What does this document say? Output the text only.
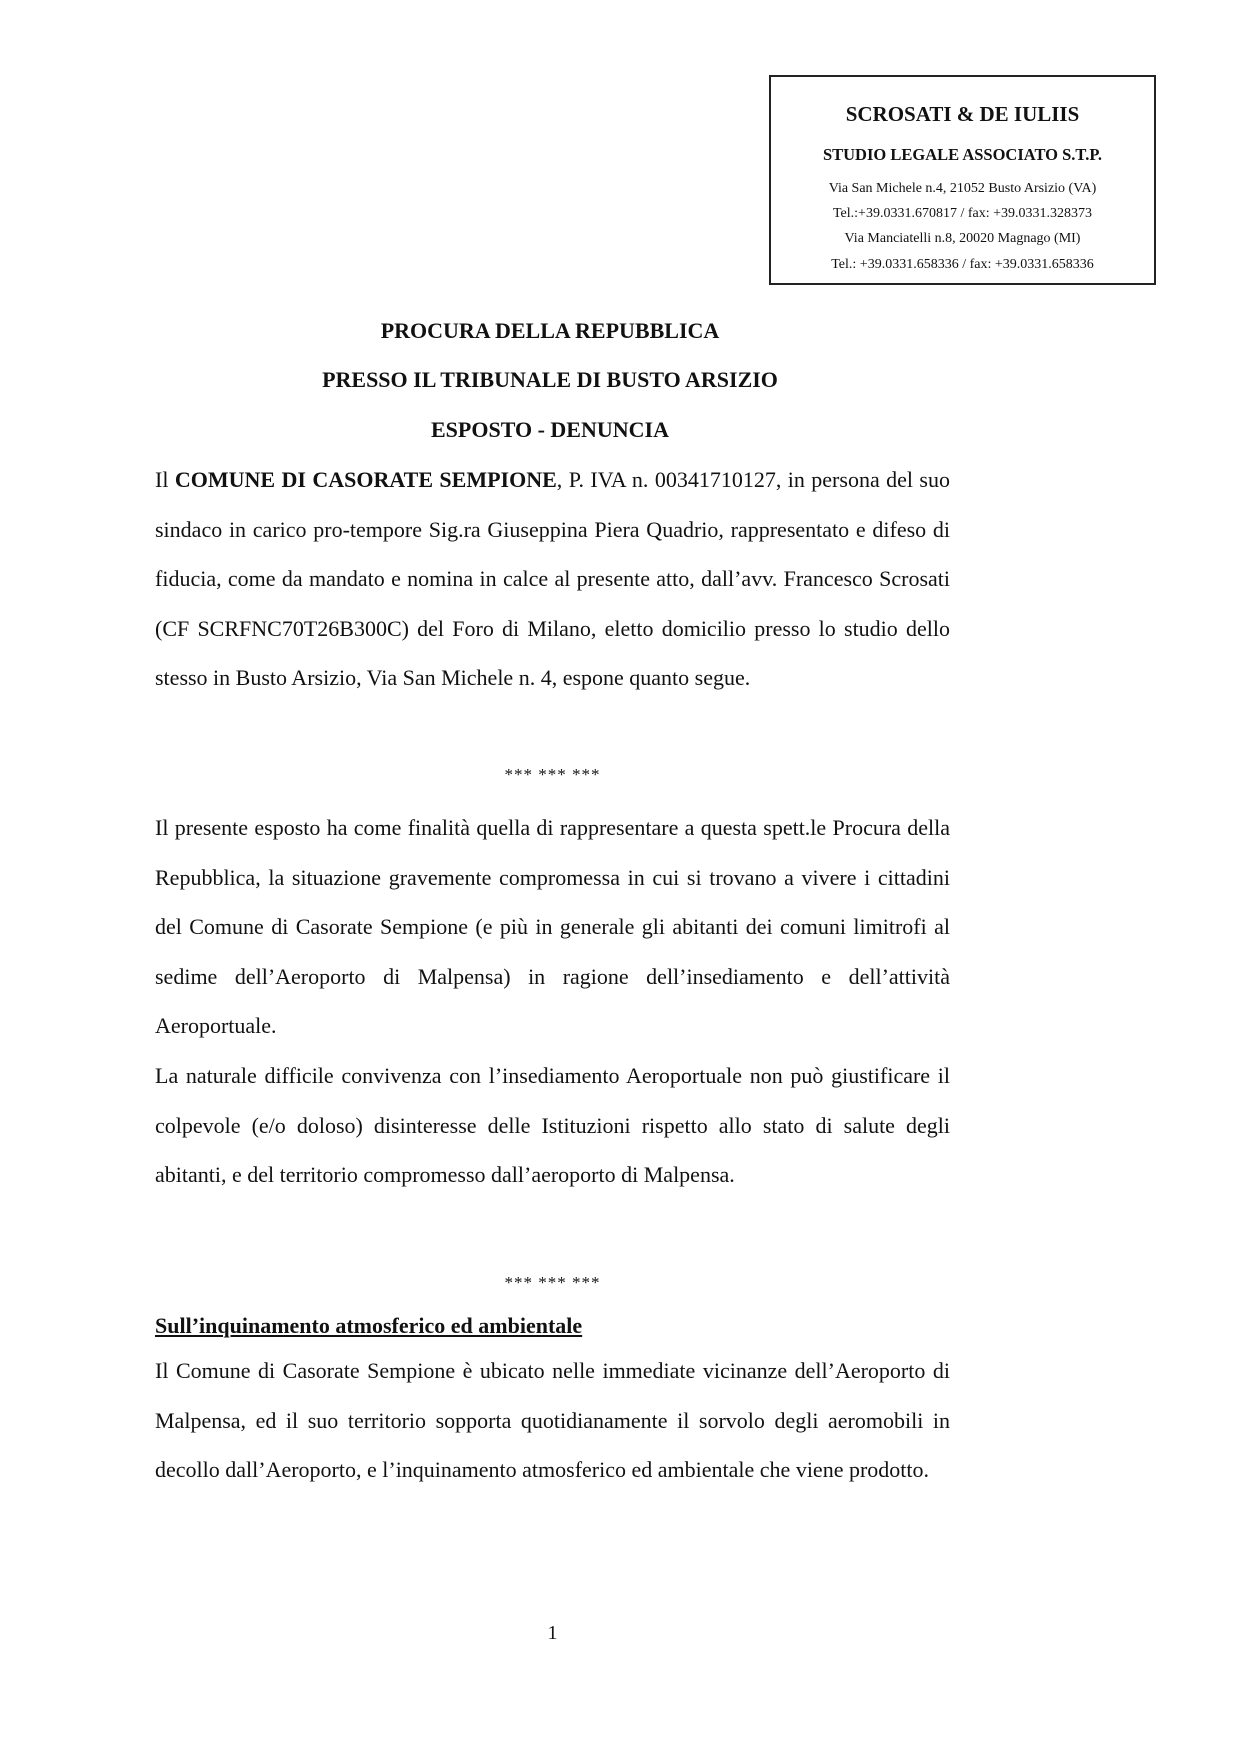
SCROSATI & DE IULIIS
STUDIO LEGALE ASSOCIATO S.T.P.
Via San Michele n.4, 21052 Busto Arsizio (VA)
Tel.:+39.0331.670817 / fax: +39.0331.328373
Via Manciatelli n.8, 20020 Magnago (MI)
Tel.: +39.0331.658336 / fax: +39.0331.658336
PROCURA DELLA REPUBBLICA
PRESSO IL TRIBUNALE DI BUSTO ARSIZIO
ESPOSTO - DENUNCIA

Il COMUNE DI CASORATE SEMPIONE, P. IVA n. 00341710127, in persona del suo sindaco in carico pro-tempore Sig.ra Giuseppina Piera Quadrio, rappresentato e difeso di fiducia, come da mandato e nomina in calce al presente atto, dall’avv. Francesco Scrosati (CF SCRFNC70T26B300C) del Foro di Milano, eletto domicilio presso lo studio dello stesso in Busto Arsizio, Via San Michele n. 4, espone quanto segue.

*** *** ***

Il presente esposto ha come finalità quella di rappresentare a questa spett.le Procura della Repubblica, la situazione gravemente compromessa in cui si trovano a vivere i cittadini del Comune di Casorate Sempione (e più in generale gli abitanti dei comuni limitrofi al sedime dell’Aeroporto di Malpensa) in ragione dell’insediamento e dell’attività Aeroportuale.

La naturale difficile convivenza con l’insediamento Aeroportuale non può giustificare il colpevole (e/o doloso) disinteresse delle Istituzioni rispetto allo stato di salute degli abitanti, e del territorio compromesso dall’aeroporto di Malpensa.

*** *** ***
Sull’inquinamento atmosferico ed ambientale

Il Comune di Casorate Sempione è ubicato nelle immediate vicinanze dell’Aeroporto di Malpensa, ed il suo territorio sopporta quotidianamente il sorvolo degli aeromobili in decollo dall’Aeroporto, e l’inquinamento atmosferico ed ambientale che viene prodotto.

1
